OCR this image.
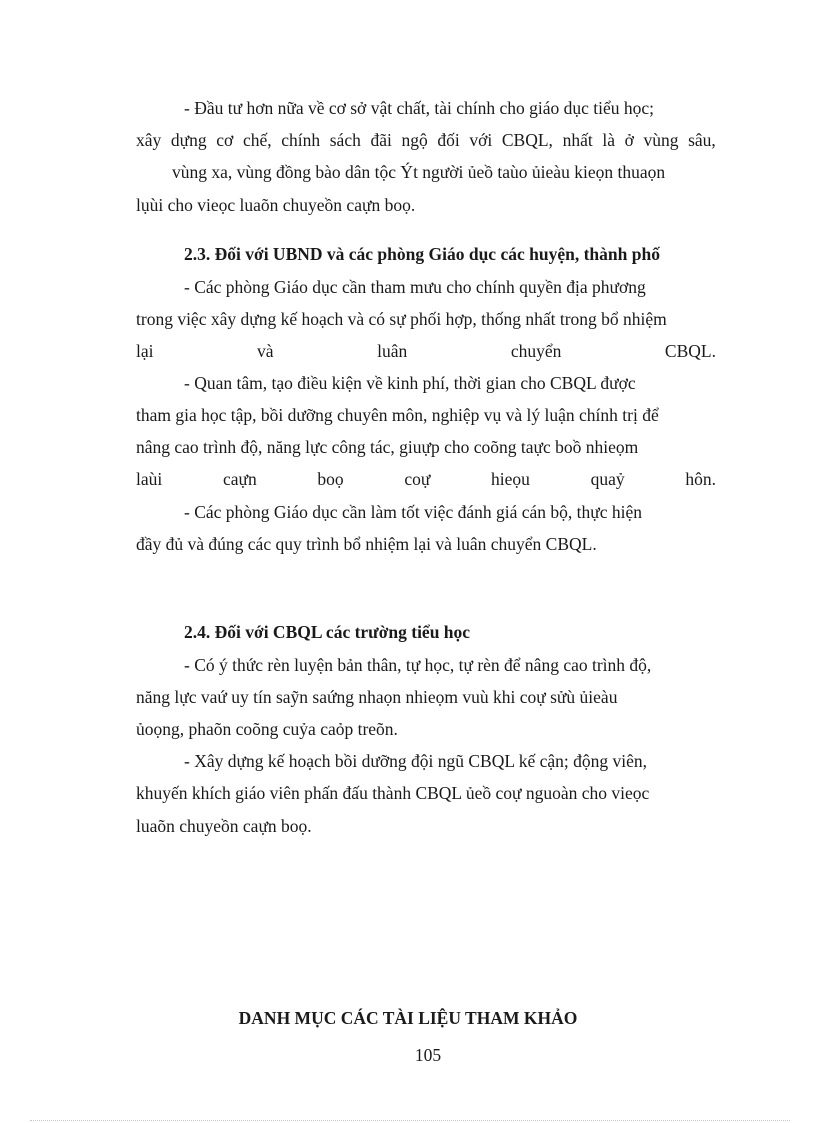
- Đầu tư hơn nữa về cơ sở vật chất, tài chính cho giáo dục tiểu học;
xây dựng cơ chế, chính sách đãi ngộ đối với CBQL, nhất là ở vùng sâu,
vùng xa, vùng đồng bào dân tộc Ýt người ủeồ taùo ủieàu kieọn thuaọn
lụùi cho vieọc luaõn chuyeồn caựn boọ.
2.3. Đối với UBND và các phòng Giáo dục các huyện, thành phố
- Các phòng Giáo dục cần tham mưu cho chính quyền địa phương
trong việc xây dựng kế hoạch và có sự phối hợp, thống nhất trong bổ nhiệm
lại	và	luân	chuyển	CBQL.
- Quan tâm, tạo điều kiện về kinh phí, thời gian cho CBQL được
tham gia học tập, bồi dưỡng chuyên môn, nghiệp vụ và lý luận chính trị để
nâng cao trình độ, năng lực công tác, giuựp cho coõng taực boồ nhieọm
laùi	caựn	boọ	coự	hieọu	quaỷ	hôn.
- Các phòng Giáo dục cần làm tốt việc đánh giá cán bộ, thực hiện
đầy đủ và đúng các quy trình bổ nhiệm lại và luân chuyển CBQL.
2.4. Đối với CBQL các trường tiểu học
- Có ý thức rèn luyện bản thân, tự học, tự rèn để nâng cao trình độ,
năng lực vaứ uy tín saỹn saứng nhaọn nhieọm vuù khi coự sửù ủieàu
ủoọng, phaõn coõng cuỷa caỏp treõn.
- Xây dựng kế hoạch bồi dưỡng đội ngũ CBQL kế cận; động viên,
khuyến khích giáo viên phấn đấu thành CBQL ủeồ coự nguoàn cho vieọc
luaõn chuyeồn caựn boọ.
DANH MỤC CÁC TÀI LIỆU THAM KHẢO
105
